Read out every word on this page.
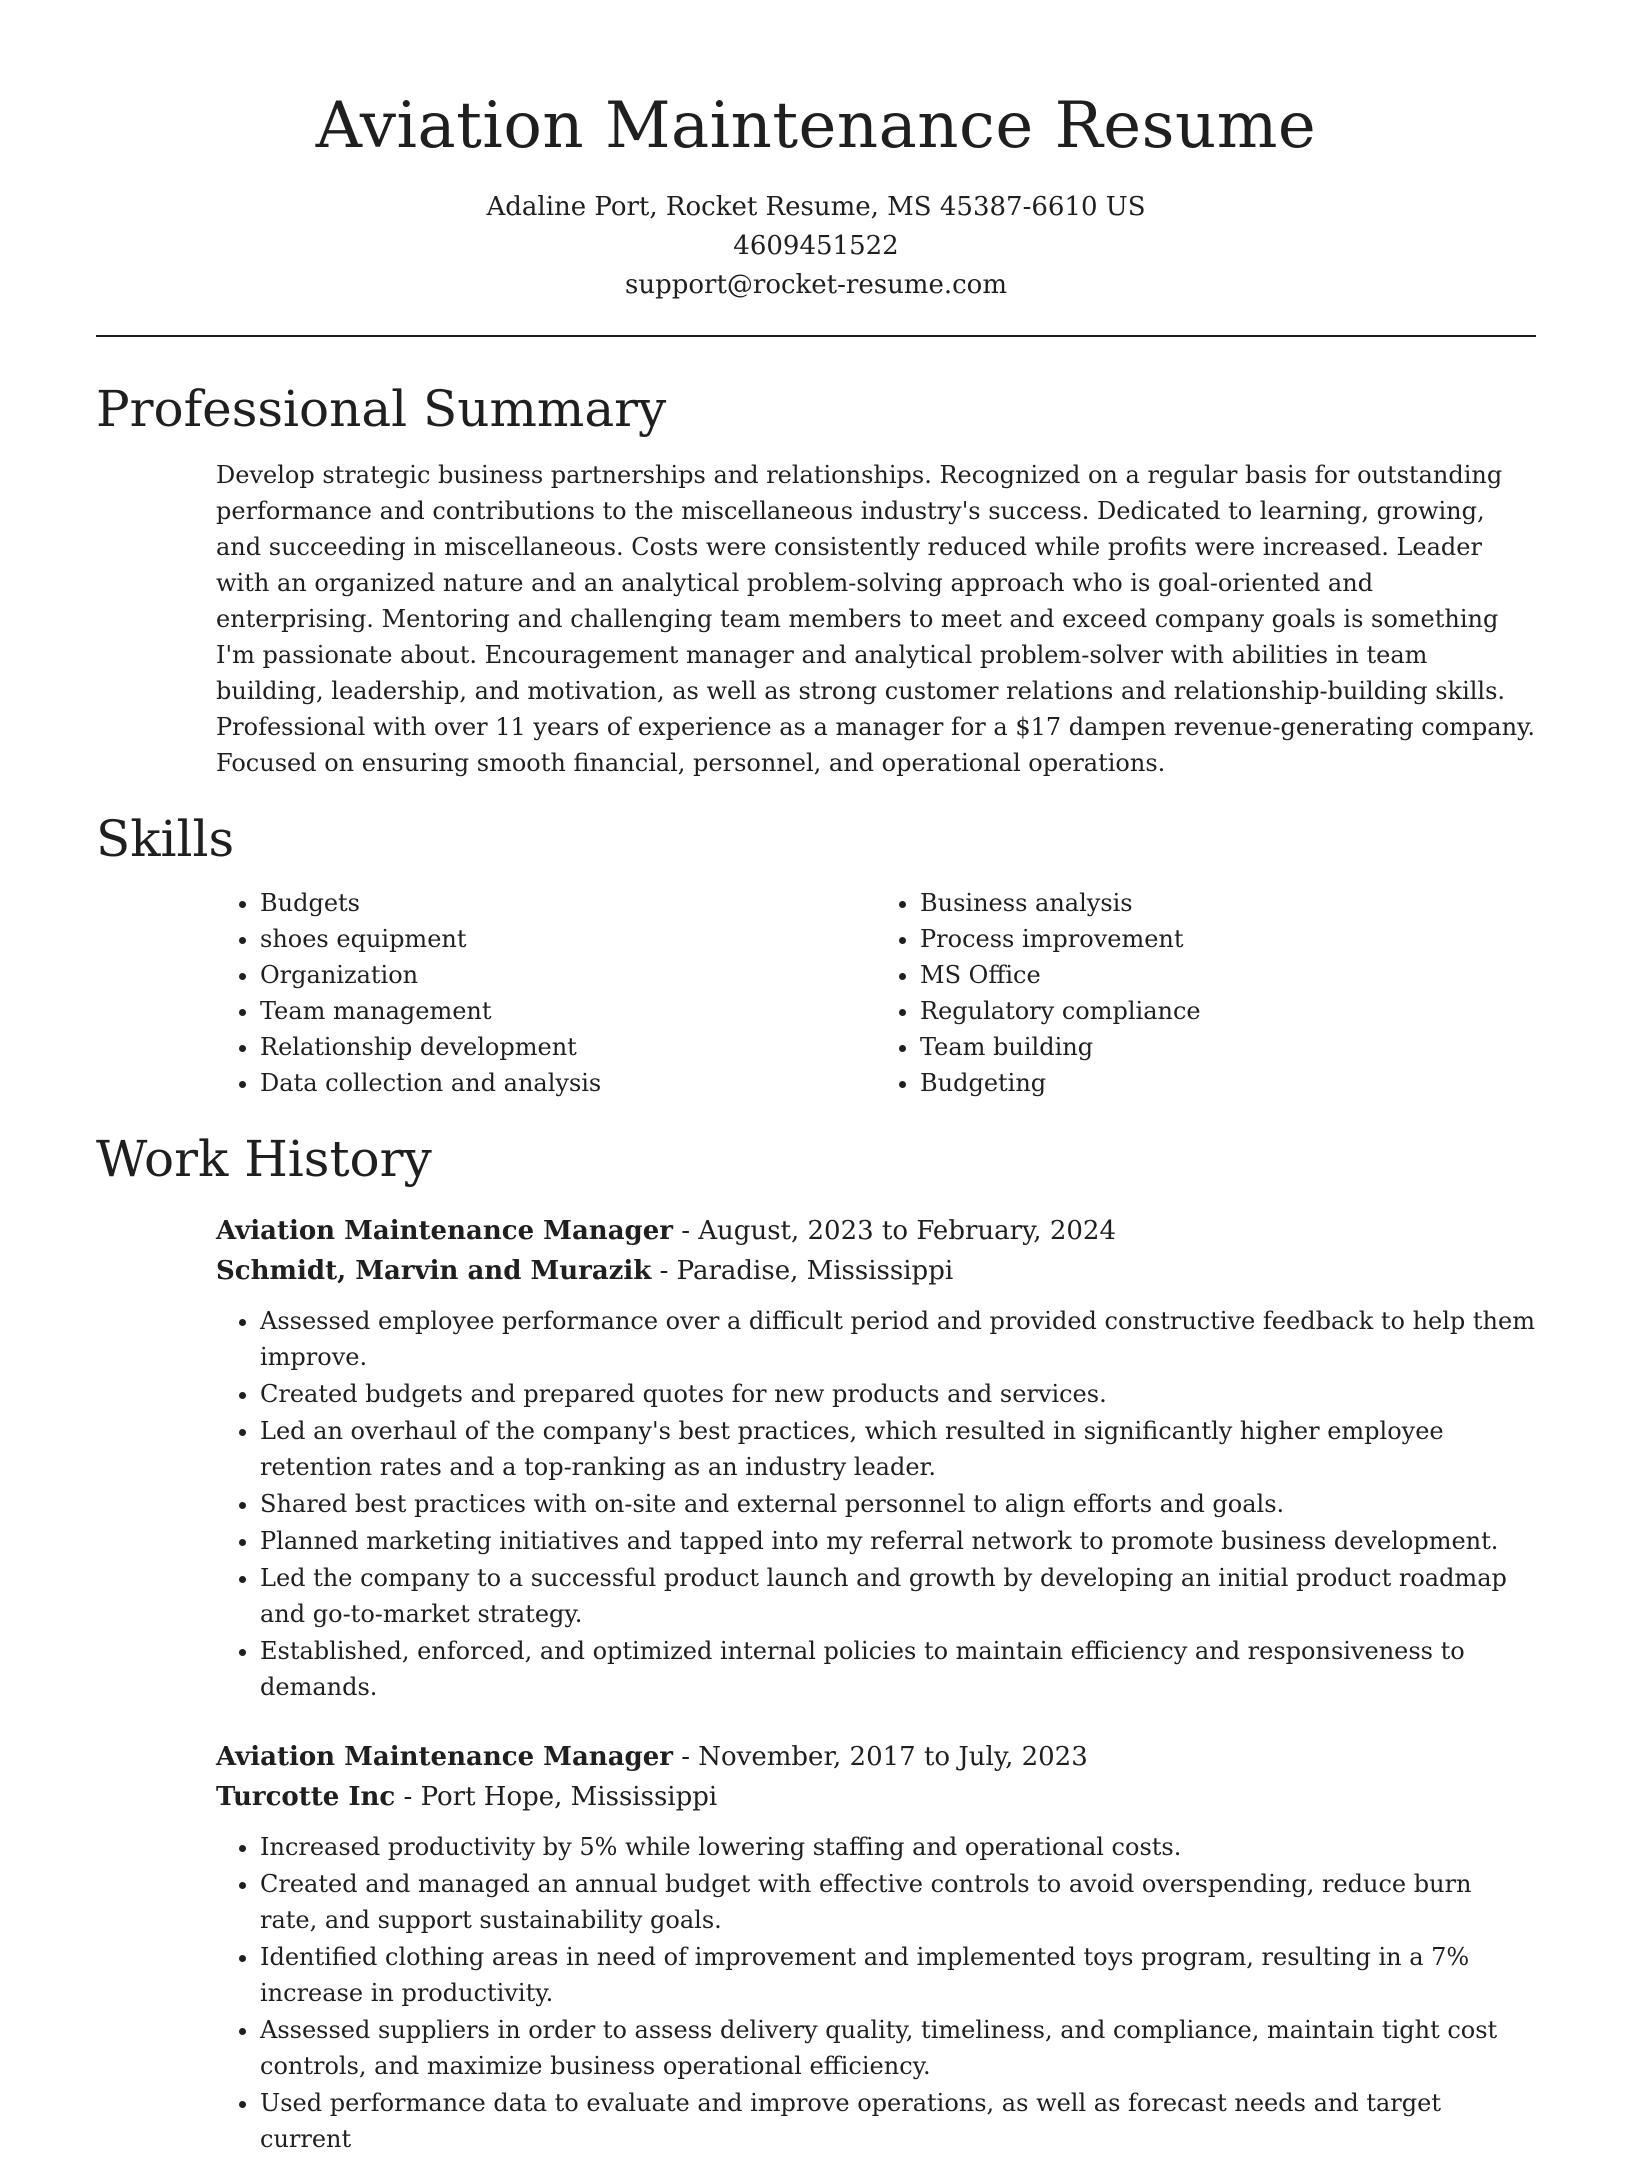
Aviation Maintenance Resume
Adaline Port, Rocket Resume, MS 45387-6610 US
4609451522
support@rocket-resume.com
Professional Summary

Develop strategic business partnerships and relationships. Recognized on a regular basis for outstanding performance and contributions to the miscellaneous industry's success. Dedicated to learning, growing, and succeeding in miscellaneous. Costs were consistently reduced while profits were increased. Leader with an organized nature and an analytical problem-solving approach who is goal-oriented and enterprising. Mentoring and challenging team members to meet and exceed company goals is something I'm passionate about. Encouragement manager and analytical problem-solver with abilities in team building, leadership, and motivation, as well as strong customer relations and relationship-building skills. Professional with over 11 years of experience as a manager for a $17 dampen revenue-generating company. Focused on ensuring smooth financial, personnel, and operational operations.

Skills
• Budgets
• shoes equipment
• Organization
• Team management
• Relationship development
• Data collection and analysis
• Business analysis
• Process improvement
• MS Office
• Regulatory compliance
• Team building
• Budgeting
Work History
Aviation Maintenance Manager - August, 2023 to February, 2024
Schmidt, Marvin and Murazik - Paradise, Mississippi
• Assessed employee performance over a difficult period and provided constructive feedback to help them improve.
• Created budgets and prepared quotes for new products and services.
• Led an overhaul of the company's best practices, which resulted in significantly higher employee retention rates and a top-ranking as an industry leader.
• Shared best practices with on-site and external personnel to align efforts and goals.
• Planned marketing initiatives and tapped into my referral network to promote business development.
• Led the company to a successful product launch and growth by developing an initial product roadmap and go-to-market strategy.
• Established, enforced, and optimized internal policies to maintain efficiency and responsiveness to demands.
Aviation Maintenance Manager - November, 2017 to July, 2023
Turcotte Inc - Port Hope, Mississippi
• Increased productivity by 5% while lowering staffing and operational costs.
• Created and managed an annual budget with effective controls to avoid overspending, reduce burn rate, and support sustainability goals.
• Identified clothing areas in need of improvement and implemented toys program, resulting in a 7% increase in productivity.
• Assessed suppliers in order to assess delivery quality, timeliness, and compliance, maintain tight cost controls, and maximize business operational efficiency.
• Used performance data to evaluate and improve operations, as well as forecast needs and target current
